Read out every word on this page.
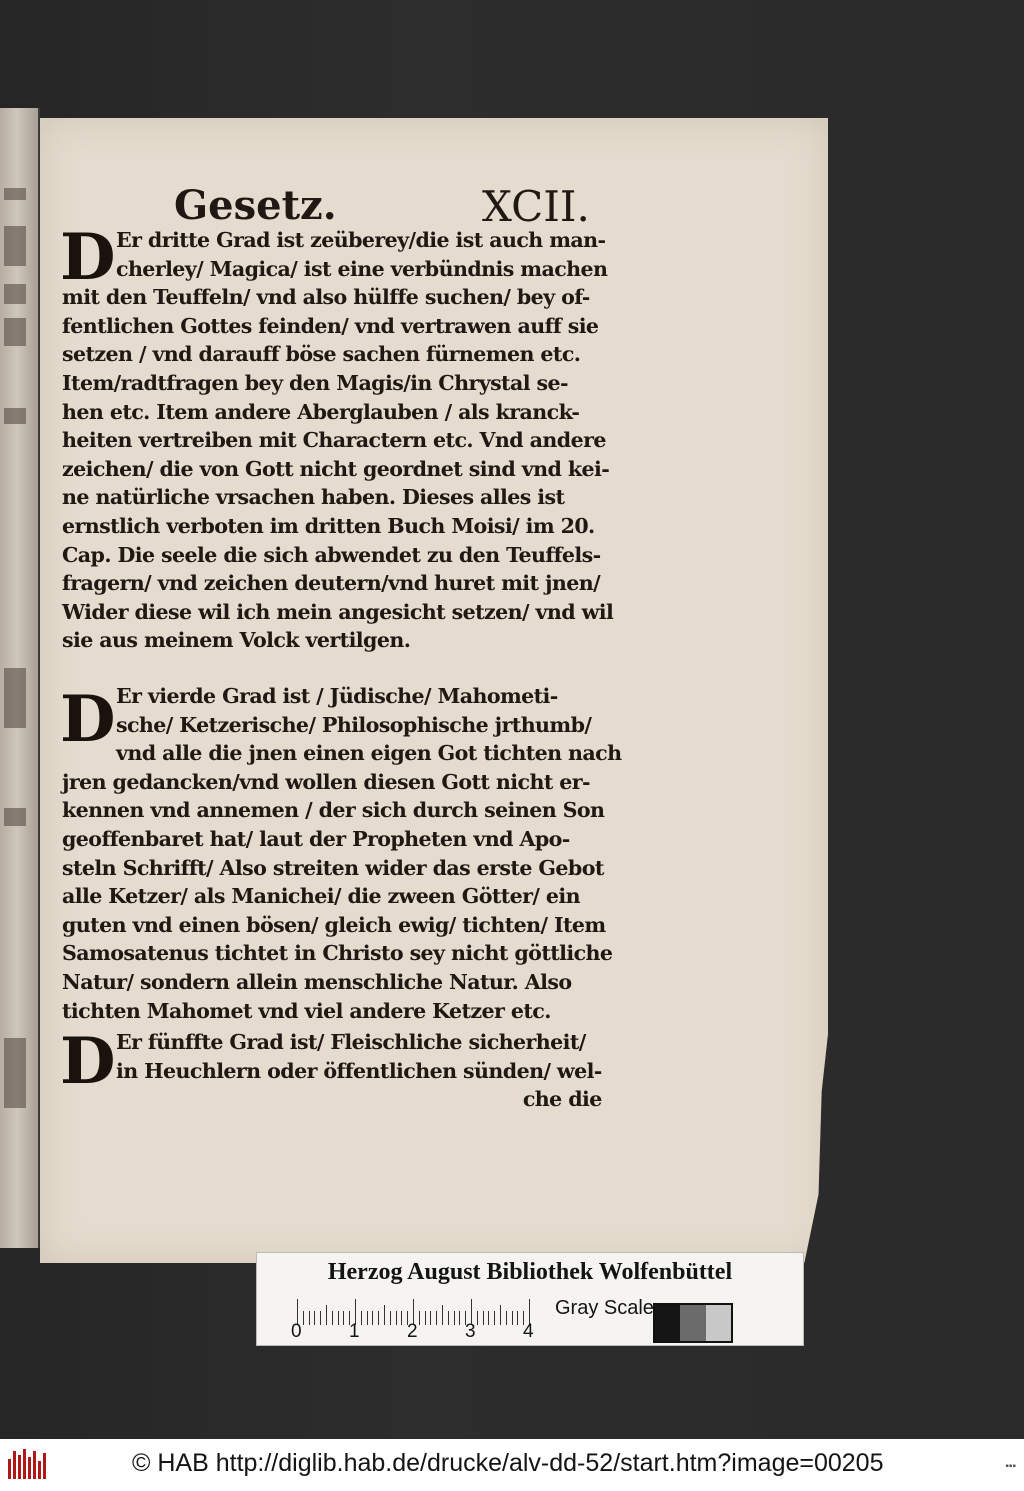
Gesetz.	XCII.
D Er dritte Grad ist zeüberey/die ist auch man-
cherley/ Magica/ ist eine verbündnis machen
mit den Teuffeln/ vnd also hülffe suchen/ bey of-
fentlichen Gottes feinden/ vnd vertrawen auff sie
setzen / vnd darauff böse sachen fürnemen etc.
Item/radtfragen bey den Magis/in Chrystal se-
hen etc. Item andere Aberglauben / als kranck-
heiten vertreiben mit Charactern etc. Vnd andere
zeichen/ die von Gott nicht geordnet sind vnd kei-
ne natürliche vrsachen haben. Dieses alles ist
ernstlich verboten im dritten Buch Moisi/ im 20.
Cap. Die seele die sich abwendet zu den Teuffels-
fragern/ vnd zeichen deutern/vnd huret mit jnen/
Wider diese wil ich mein angesicht setzen/ vnd wil
sie aus meinem Volck vertilgen.
D Er vierde Grad ist / Jüdische/ Mahometi-
sche/ Ketzerische/ Philosophische jrthumb/
vnd alle die jnen einen eigen Got tichten nach
jren gedancken/vnd wollen diesen Gott nicht er-
kennen vnd annemen / der sich durch seinen Son
geoffenbaret hat/ laut der Propheten vnd Apo-
steln Schrifft/ Also streiten wider das erste Gebot
alle Ketzer/ als Manichei/ die zween Götter/ ein
guten vnd einen bösen/ gleich ewig/ tichten/ Item
Samosatenus tichtet in Christo sey nicht göttliche
Natur/ sondern allein menschliche Natur. Also
tichten Mahomet vnd viel andere Ketzer etc.
D Er fünffte Grad ist/ Fleischliche sicherheit/
in Heuchlern oder öffentlichen sünden/ wel-
che die
Herzog August Bibliothek Wolfenbüttel
0 1 2 3 4
Gray Scale
© HAB http://diglib.hab.de/drucke/alv-dd-52/start.htm?image=00205	▪▪▪
